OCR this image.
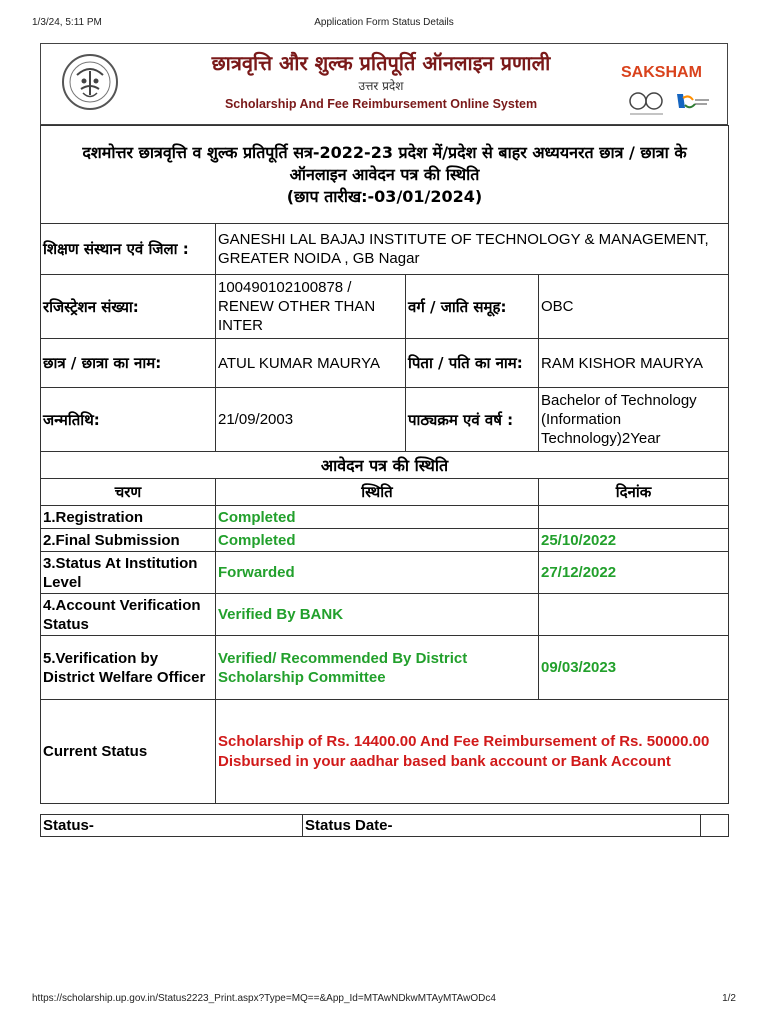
1/3/24, 5:11 PM	Application Form Status Details
छात्रवृत्ति और शुल्क प्रतिपूर्ति ऑनलाइन प्रणाली
उत्तर प्रदेश
Scholarship And Fee Reimbursement Online System
SAKSHAM
दशमोत्तर छात्रवृत्ति व शुल्क प्रतिपूर्ति सत्र-2022-23 प्रदेश में/प्रदेश से बाहर अध्ययनरत छात्र / छात्रा के
ऑनलाइन आवेदन पत्र की स्थिति
(छाप तारीख:-03/01/2024)			

शिक्षण संस्थान एवं जिला :	GANESHI LAL BAJAJ INSTITUTE OF TECHNOLOGY & MANAGEMENT, GREATER NOIDA , GB Nagar		
रजिस्ट्रेशन संख्या:	100490102100878 / RENEW OTHER THAN INTER	वर्ग / जाति समूह:	OBC
छात्र / छात्रा का नाम:	ATUL KUMAR MAURYA	पिता / पति का नाम:	RAM KISHOR MAURYA
जन्मतिथि:	21/09/2003	पाठ्यक्रम एवं वर्ष :	Bachelor of Technology (Information Technology)2Year
आवेदन पत्र की स्थिति			
चरण	स्थिति		दिनांक
1.Registration	Completed		
2.Final Submission	Completed		25/10/2022
3.Status At Institution Level	Forwarded		27/12/2022
4.Account Verification Status	Verified By BANK		
5.Verification by District Welfare Officer	Verified/ Recommended By District Scholarship Committee		09/03/2023
Current Status	Scholarship of Rs. 14400.00 And Fee Reimbursement of Rs. 50000.00 Disbursed in your aadhar based bank account or Bank Account		
Status-	Status Date-	
https://scholarship.up.gov.in/Status2223_Print.aspx?Type=MQ==&App_Id=MTAwNDkwMTAyMTAwODc4	1/2
